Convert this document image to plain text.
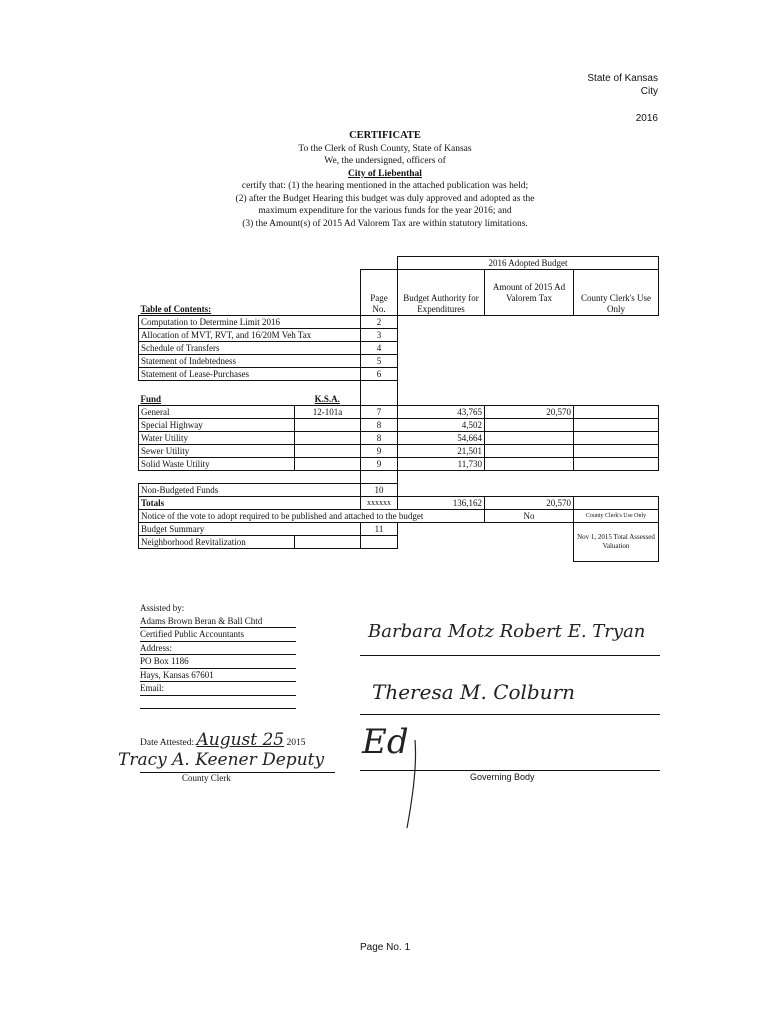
State of Kansas
City
2016
CERTIFICATE
To the Clerk of Rush County, State of Kansas
We, the undersigned, officers of
City of Liebenthal
certify that: (1) the hearing mentioned in the attached publication was held;
(2) after the Budget Hearing this budget was duly approved and adopted as the
maximum expenditure for the various funds for the year 2016; and
(3) the Amount(s) of 2015 Ad Valorem Tax are within statutory limitations.
			2016 Adopted Budget		
Table of Contents:		Page No.	Budget Authority for Expenditures	Amount of 2015 Ad Valorem Tax	County Clerk's Use Only
Computation to Determine Limit 2016		2			
Allocation of MVT, RVT, and 16/20M Veh Tax		3			
Schedule of Transfers		4			
Statement of Indebtedness		5			
Statement of Lease-Purchases		6			

Fund	K.S.A.				
General	12-101a	7	43,765	20,570	
Special Highway		8	4,502		
Water Utility		8	54,664		
Sewer Utility		9	21,501		
Solid Waste Utility		9	11,730		

Non-Budgeted Funds		10			
Totals		xxxxxx	136,162	20,570	
Notice of the vote to adopt required to be published and attached to the budget				No	County Clerk's Use Only
Budget Summary		11			Nov 1, 2015 Total Assessed Valuation
Neighborhood Revitalization					

Assisted by:
Adams Brown Beran & Ball Chtd
Certified Public Accountants
Address:
PO Box 1186
Hays, Kansas 67601
Email:
Barbara Motz Robert E. Tryan
Theresa M. Colburn
Ed
Governing Body
Date Attested: August 25 2015
Tracy A. Keener Deputy
County Clerk
Page No. 1
